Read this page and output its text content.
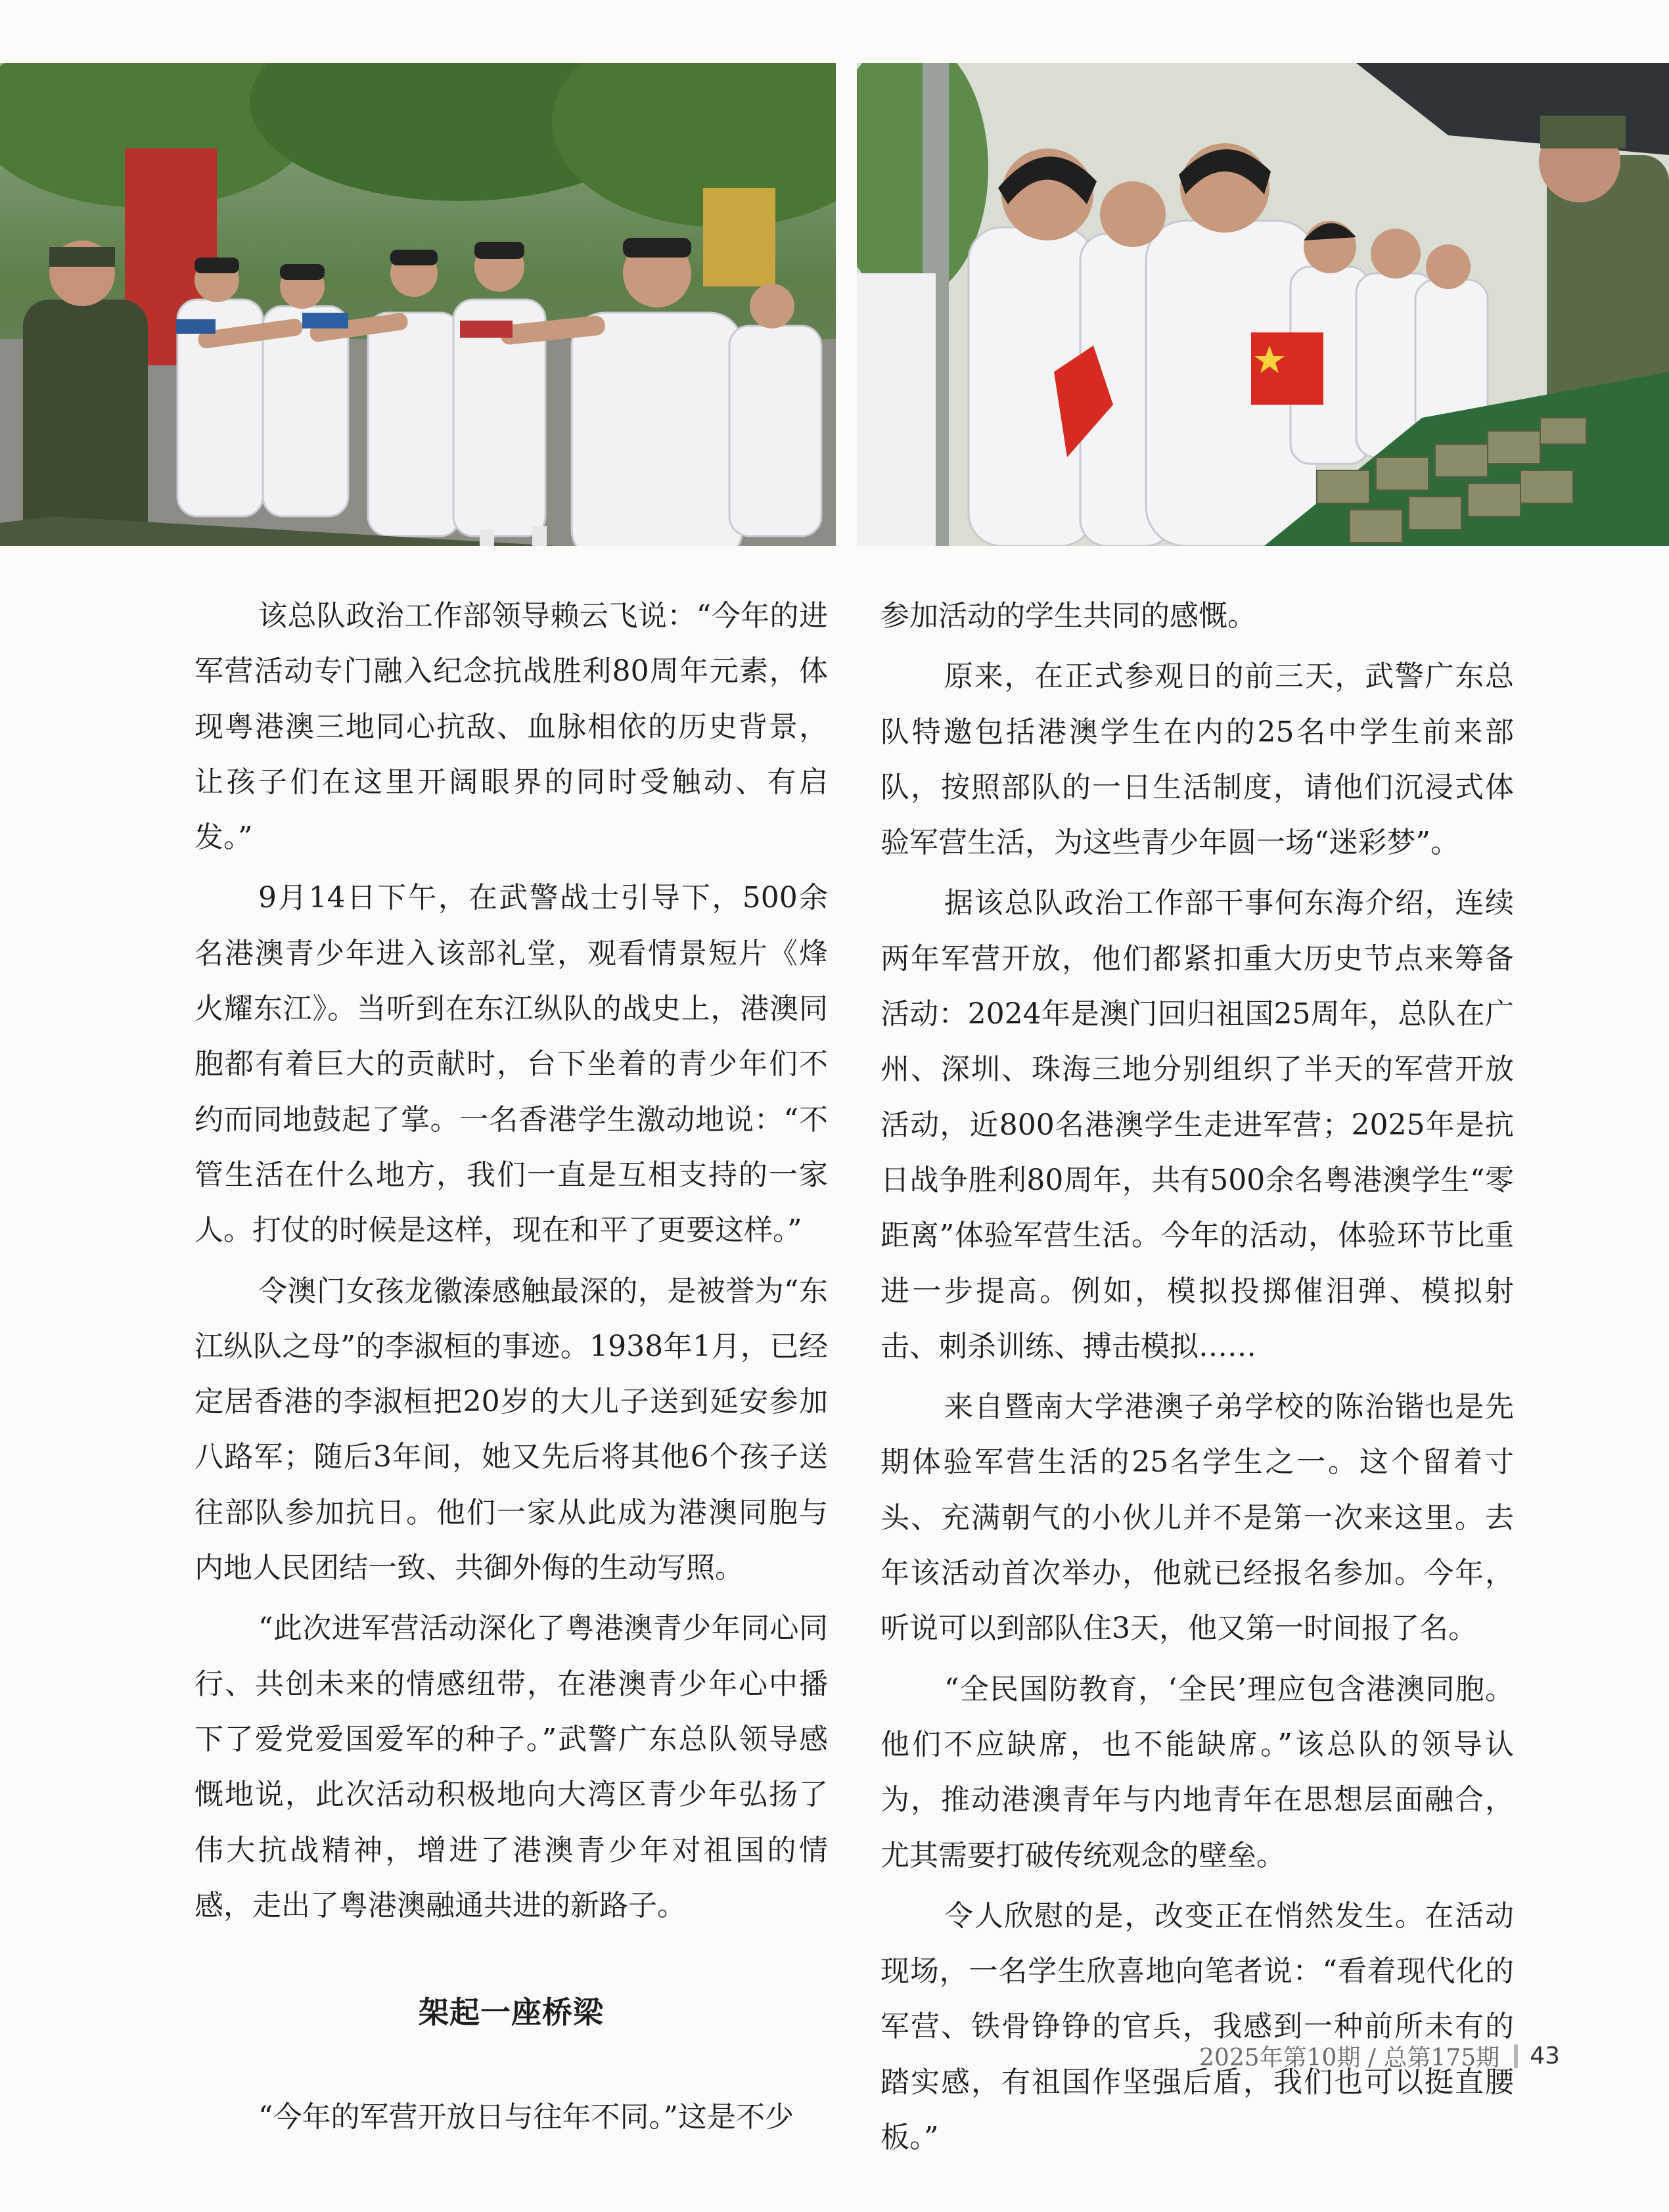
该总队政治工作部领导赖云飞说：“今年的进军营活动专门融入纪念抗战胜利80周年元素，体现粤港澳三地同心抗敌、血脉相依的历史背景，让孩子们在这里开阔眼界的同时受触动、有启发。”

9月14日下午，在武警战士引导下，500余名港澳青少年进入该部礼堂，观看情景短片《烽火耀东江》。当听到在东江纵队的战史上，港澳同胞都有着巨大的贡献时，台下坐着的青少年们不约而同地鼓起了掌。一名香港学生激动地说：“不管生活在什么地方，我们一直是互相支持的一家人。打仗的时候是这样，现在和平了更要这样。”

令澳门女孩龙徽溱感触最深的，是被誉为“东江纵队之母”的李淑桓的事迹。1938年1月，已经定居香港的李淑桓把20岁的大儿子送到延安参加八路军；随后3年间，她又先后将其他6个孩子送往部队参加抗日。他们一家从此成为港澳同胞与内地人民团结一致、共御外侮的生动写照。

“此次进军营活动深化了粤港澳青少年同心同行、共创未来的情感纽带，在港澳青少年心中播下了爱党爱国爱军的种子。”武警广东总队领导感慨地说，此次活动积极地向大湾区青少年弘扬了伟大抗战精神，增进了港澳青少年对祖国的情感，走出了粤港澳融通共进的新路子。

架起一座桥梁

“今年的军营开放日与往年不同。”这是不少

参加活动的学生共同的感慨。

原来，在正式参观日的前三天，武警广东总队特邀包括港澳学生在内的25名中学生前来部队，按照部队的一日生活制度，请他们沉浸式体验军营生活，为这些青少年圆一场“迷彩梦”。

据该总队政治工作部干事何东海介绍，连续两年军营开放，他们都紧扣重大历史节点来筹备活动：2024年是澳门回归祖国25周年，总队在广州、深圳、珠海三地分别组织了半天的军营开放活动，近800名港澳学生走进军营；2025年是抗日战争胜利80周年，共有500余名粤港澳学生“零距离”体验军营生活。今年的活动，体验环节比重进一步提高。例如，模拟投掷催泪弹、模拟射击、刺杀训练、搏击模拟……

来自暨南大学港澳子弟学校的陈治锴也是先期体验军营生活的25名学生之一。这个留着寸头、充满朝气的小伙儿并不是第一次来这里。去年该活动首次举办，他就已经报名参加。今年，听说可以到部队住3天，他又第一时间报了名。

“全民国防教育，‘全民’理应包含港澳同胞。他们不应缺席，也不能缺席。”该总队的领导认为，推动港澳青年与内地青年在思想层面融合，尤其需要打破传统观念的壁垒。

令人欣慰的是，改变正在悄然发生。在活动现场，一名学生欣喜地向笔者说：“看着现代化的军营、铁骨铮铮的官兵，我感到一种前所未有的踏实感，有祖国作坚强后盾，我们也可以挺直腰板。”

2025年第10期 / 总第175期 43
